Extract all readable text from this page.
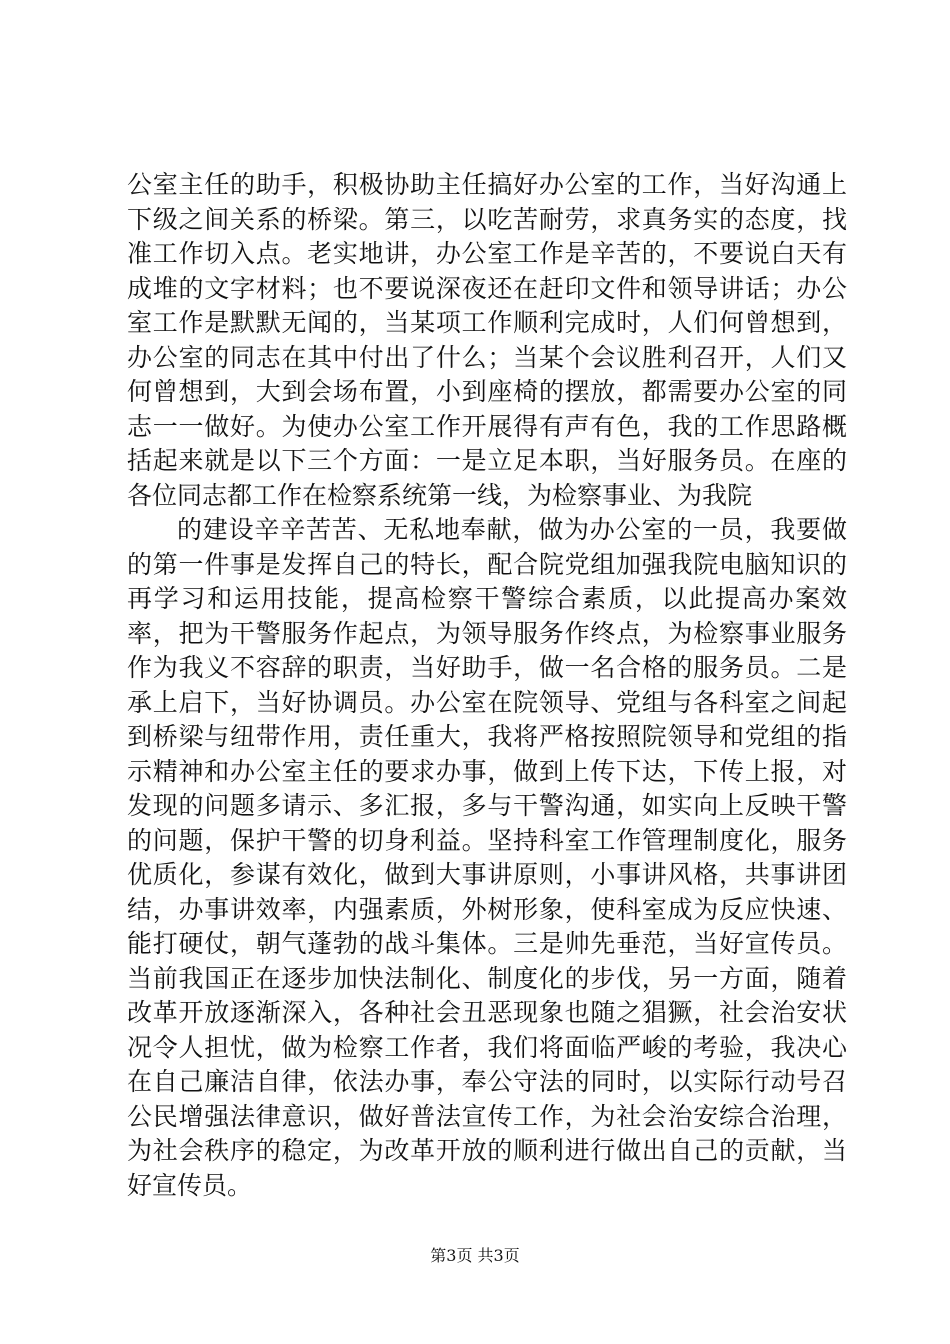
公室主任的助手，积极协助主任搞好办公室的工作，当好沟通上下级之间关系的桥梁。第三，以吃苦耐劳，求真务实的态度，找准工作切入点。老实地讲，办公室工作是辛苦的，不要说白天有成堆的文字材料；也不要说深夜还在赶印文件和领导讲话；办公室工作是默默无闻的，当某项工作顺利完成时，人们何曾想到，办公室的同志在其中付出了什么；当某个会议胜利召开，人们又何曾想到，大到会场布置，小到座椅的摆放，都需要办公室的同志一一做好。为使办公室工作开展得有声有色，我的工作思路概括起来就是以下三个方面：一是立足本职，当好服务员。在座的各位同志都工作在检察系统第一线，为检察事业、为我院

的建设辛辛苦苦、无私地奉献，做为办公室的一员，我要做的第一件事是发挥自己的特长，配合院党组加强我院电脑知识的再学习和运用技能，提高检察干警综合素质，以此提高办案效率，把为干警服务作起点，为领导服务作终点，为检察事业服务作为我义不容辞的职责，当好助手，做一名合格的服务员。二是承上启下，当好协调员。办公室在院领导、党组与各科室之间起到桥梁与纽带作用，责任重大，我将严格按照院领导和党组的指示精神和办公室主任的要求办事，做到上传下达，下传上报，对发现的问题多请示、多汇报，多与干警沟通，如实向上反映干警的问题，保护干警的切身利益。坚持科室工作管理制度化，服务优质化，参谋有效化，做到大事讲原则，小事讲风格，共事讲团结，办事讲效率，内强素质，外树形象，使科室成为反应快速、能打硬仗，朝气蓬勃的战斗集体。三是帅先垂范，当好宣传员。当前我国正在逐步加快法制化、制度化的步伐，另一方面，随着改革开放逐渐深入，各种社会丑恶现象也随之猖獗，社会治安状况令人担忧，做为检察工作者，我们将面临严峻的考验，我决心在自己廉洁自律，依法办事，奉公守法的同时，以实际行动号召公民增强法律意识，做好普法宣传工作，为社会治安综合治理，为社会秩序的稳定，为改革开放的顺利进行做出自己的贡献，当好宣传员。

第3页 共3页
